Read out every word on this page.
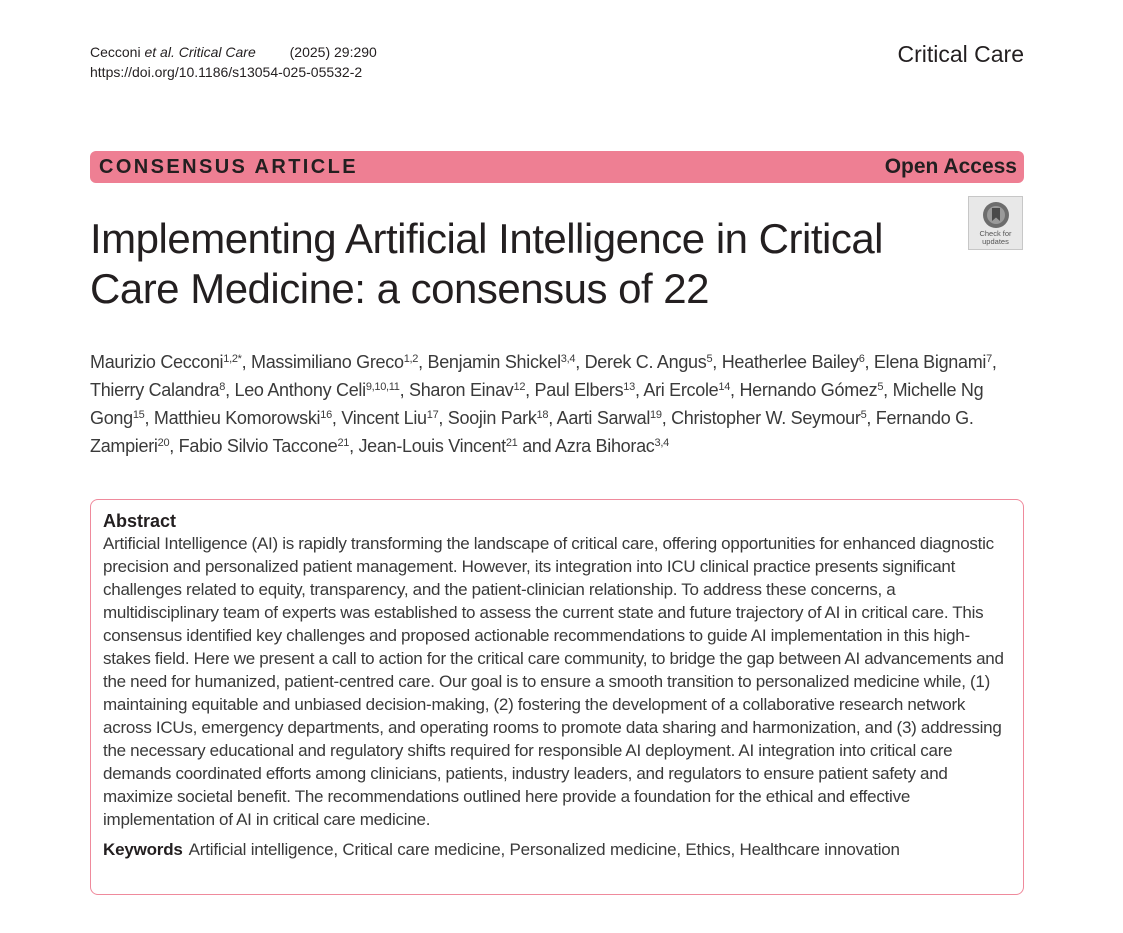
Cecconi et al. Critical Care (2025) 29:290
https://doi.org/10.1186/s13054-025-05532-2
Critical Care
CONSENSUS ARTICLE	Open Access
Implementing Artificial Intelligence in Critical Care Medicine: a consensus of 22
Check for updates
Maurizio Cecconi$^{1,2*}$, Massimiliano Greco$^{1,2}$, Benjamin Shickel$^{3,4}$, Derek C. Angus$^5$, Heatherlee Bailey$^6$, Elena Bignami$^7$, Thierry Calandra$^8$, Leo Anthony Celi$^{9,10,11}$, Sharon Einav$^{12}$, Paul Elbers$^{13}$, Ari Ercole$^{14}$, Hernando Gómez$^5$, Michelle Ng Gong$^{15}$, Matthieu Komorowski$^{16}$, Vincent Liu$^{17}$, Soojin Park$^{18}$, Aarti Sarwal$^{19}$, Christopher W. Seymour$^5$, Fernando G. Zampieri$^{20}$, Fabio Silvio Taccone$^{21}$, Jean-Louis Vincent$^{21}$ and Azra Bihorac$^{3,4}$
Abstract
Artificial Intelligence (AI) is rapidly transforming the landscape of critical care, offering opportunities for enhanced diagnostic precision and personalized patient management. However, its integration into ICU clinical practice presents significant challenges related to equity, transparency, and the patient-clinician relationship. To address these concerns, a multidisciplinary team of experts was established to assess the current state and future trajectory of AI in critical care. This consensus identified key challenges and proposed actionable recommendations to guide AI implementation in this high-stakes field. Here we present a call to action for the critical care community, to bridge the gap between AI advancements and the need for humanized, patient-centred care. Our goal is to ensure a smooth transition to personalized medicine while, (1) maintaining equitable and unbiased decision-making, (2) fostering the development of a collaborative research network across ICUs, emergency departments, and operating rooms to promote data sharing and harmonization, and (3) addressing the necessary educational and regulatory shifts required for responsible AI deployment. AI integration into critical care demands coordinated efforts among clinicians, patients, industry leaders, and regulators to ensure patient safety and maximize societal benefit. The recommendations outlined here provide a foundation for the ethical and effective implementation of AI in critical care medicine.
Keywords Artificial intelligence, Critical care medicine, Personalized medicine, Ethics, Healthcare innovation
